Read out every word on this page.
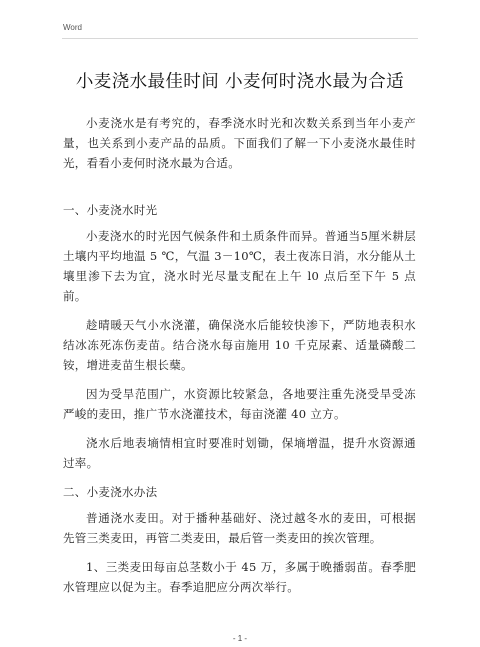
Word
小麦浇水最佳时间 小麦何时浇水最为合适

小麦浇水是有考究的，春季浇水时光和次数关系到当年小麦产量，也关系到小麦产品的品质。下面我们了解一下小麦浇水最佳时光，看看小麦何时浇水最为合适。

一、小麦浇水时光

小麦浇水的时光因气候条件和土质条件而异。普通当5厘米耕层土壤内平均地温 5 ℃，气温 3－10℃，表土夜冻日消，水分能从土壤里渗下去为宜，浇水时光尽量支配在上午 l0 点后至下午 5 点前。

趁晴暖天气小水浇灌，确保浇水后能较快渗下，严防地表积水结冰冻死冻伤麦苗。结合浇水每亩施用 10 千克尿素、适量磷酸二铵，增进麦苗生根长蘖。

因为受旱范围广，水资源比较紧急，各地要注重先浇受旱受冻严峻的麦田，推广节水浇灌技术，每亩浇灌 40 立方。

浇水后地表墒情相宜时要准时划锄，保墒增温，提升水资源通过率。

二、小麦浇水办法

普通浇水麦田。对于播种基础好、浇过越冬水的麦田，可根据先管三类麦田，再管二类麦田，最后管一类麦田的挨次管理。

1、三类麦田每亩总茎数小于 45 万，多属于晚播弱苗。春季肥水管理应以促为主。春季追肥应分两次举行。

- 1 -
